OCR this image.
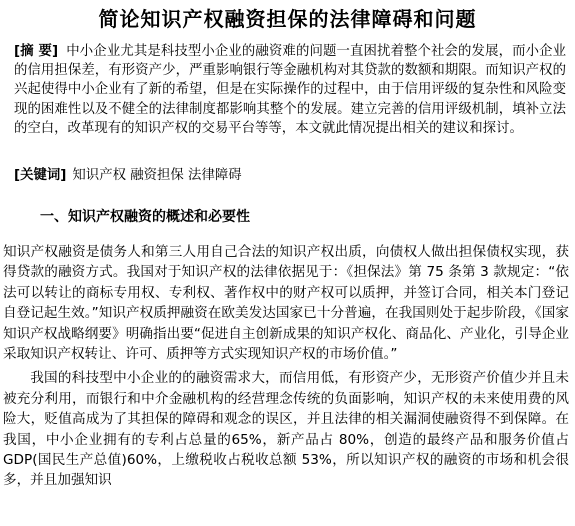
简论知识产权融资担保的法律障碍和问题

[摘 要] 中小企业尤其是科技型小企业的融资难的问题一直困扰着整个社会的发展，而小企业的信用担保差，有形资产少，严重影响银行等金融机构对其贷款的数额和期限。而知识产权的兴起使得中小企业有了新的希望，但是在实际操作的过程中，由于信用评级的复杂性和风险变现的困难性以及不健全的法律制度都影响其整个的发展。建立完善的信用评级机制，填补立法的空白，改革现有的知识产权的交易平台等等，本文就此情况提出相关的建议和探讨。

[关键词] 知识产权 融资担保 法律障碍

一、知识产权融资的概述和必要性

知识产权融资是债务人和第三人用自己合法的知识产权出质，向债权人做出担保债权实现，获得贷款的融资方式。我国对于知识产权的法律依据见于：《担保法》第 75 条第 3 款规定：“依法可以转让的商标专用权、专利权、著作权中的财产权可以质押，并签订合同，相关本门登记自登记起生效。”知识产权质押融资在欧美发达国家已十分普遍，在我国则处于起步阶段，《国家知识产权战略纲要》明确指出要“促进自主创新成果的知识产权化、商品化、产业化，引导企业采取知识产权转让、许可、质押等方式实现知识产权的市场价值。”

我国的科技型中小企业的的融资需求大，而信用低，有形资产少，无形资产价值少并且未被充分利用，而银行和中介金融机构的经营理念传统的负面影响，知识产权的未来使用费的风险大，贬值高成为了其担保的障碍和观念的误区，并且法律的相关漏洞使融资得不到保障。在我国，中小企业拥有的专利占总量的65%，新产品占 80%，创造的最终产品和服务价值占 GDP(国民生产总值)60%，上缴税收占税收总额 53%，所以知识产权的融资的市场和机会很多，并且加强知识
